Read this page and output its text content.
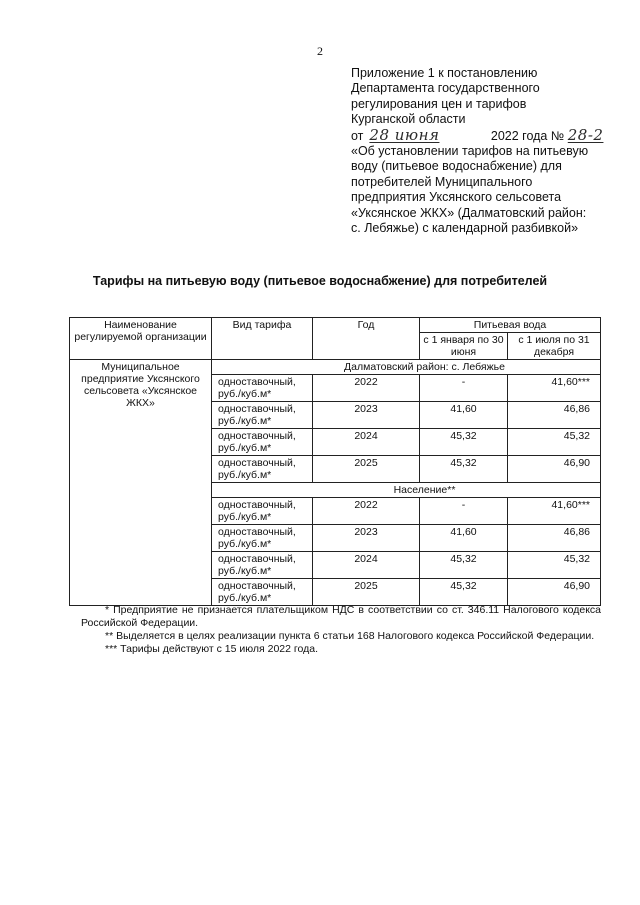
2
Приложение 1 к постановлению
Департамента государственного
регулирования цен и тарифов
Курганской области
от 28 июня	2022 года № 28-2
«Об установлении тарифов на питьевую
воду (питьевое водоснабжение) для
потребителей Муниципального
предприятия Уксянского сельсовета
«Уксянское ЖКХ» (Далматовский район:
с. Лебяжье) с календарной разбивкой»
Тарифы на питьевую воду (питьевое водоснабжение) для потребителей
Наименование регулируемой организации	Вид тарифа	Год	Питьевая вода	
			с 1 января по 30 июня	с 1 июля по 31 декабря
Муниципальное предприятие Уксянского сельсовета «Уксянское ЖКХ»	Далматовский район: с. Лебяжье			
	одноставочный, руб./куб.м*	2022	-	41,60***
	одноставочный, руб./куб.м*	2023	41,60	46,86
	одноставочный, руб./куб.м*	2024	45,32	45,32
	одноставочный, руб./куб.м*	2025	45,32	46,90
	Население**			
	одноставочный, руб./куб.м*	2022	-	41,60***
	одноставочный, руб./куб.м*	2023	41,60	46,86
	одноставочный, руб./куб.м*	2024	45,32	45,32
	одноставочный, руб./куб.м*	2025	45,32	46,90

* Предприятие не признается плательщиком НДС в соответствии со ст. 346.11 Налогового кодекса Российской Федерации.

** Выделяется в целях реализации пункта 6 статьи 168 Налогового кодекса Российской Федерации.

*** Тарифы действуют с 15 июля 2022 года.
